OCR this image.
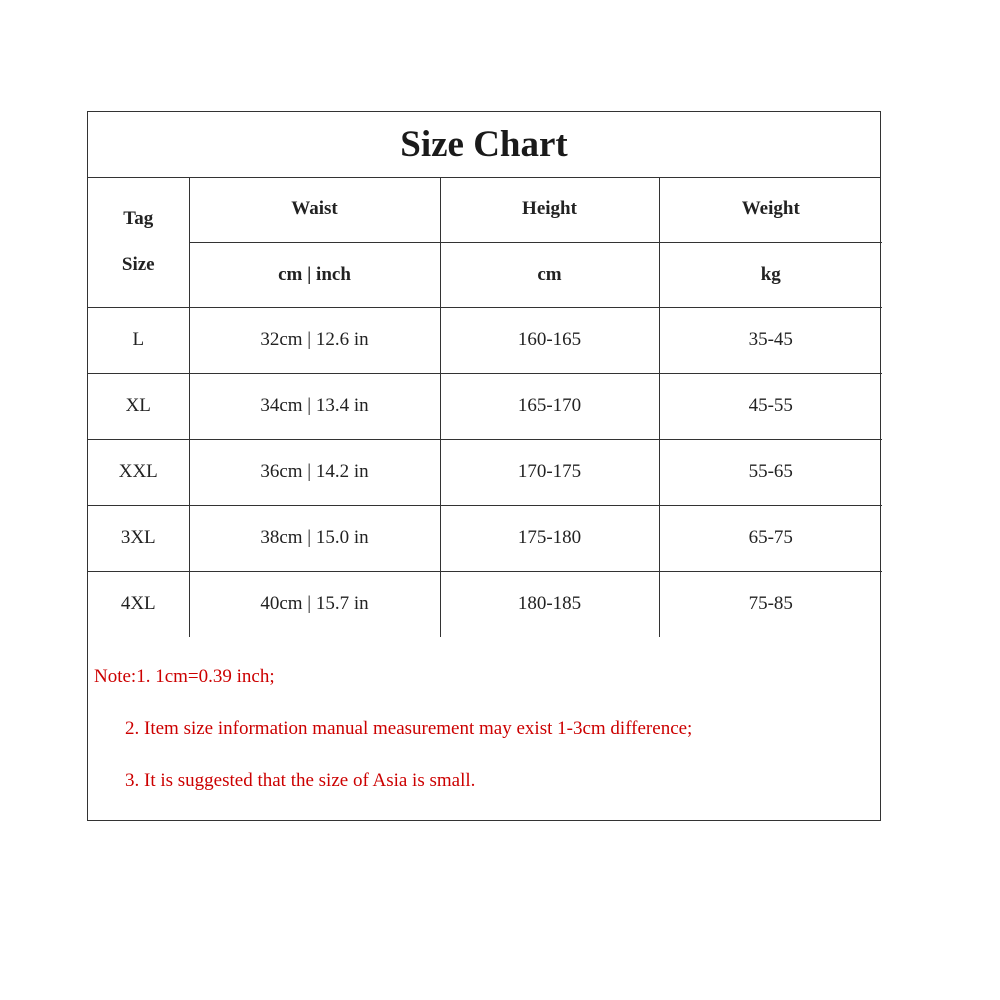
Size Chart
Tag
Size	Waist	Height	Weight
	cm | inch	cm	kg
L	32cm | 12.6 in	160-165	35-45
XL	34cm | 13.4 in	165-170	45-55
XXL	36cm | 14.2 in	170-175	55-65
3XL	38cm | 15.0 in	175-180	65-75
4XL	40cm | 15.7 in	180-185	75-85
Note:1. 1cm=0.39 inch;
2. Item size information manual measurement may exist 1-3cm difference;
3. It is suggested that the size of Asia is small.
